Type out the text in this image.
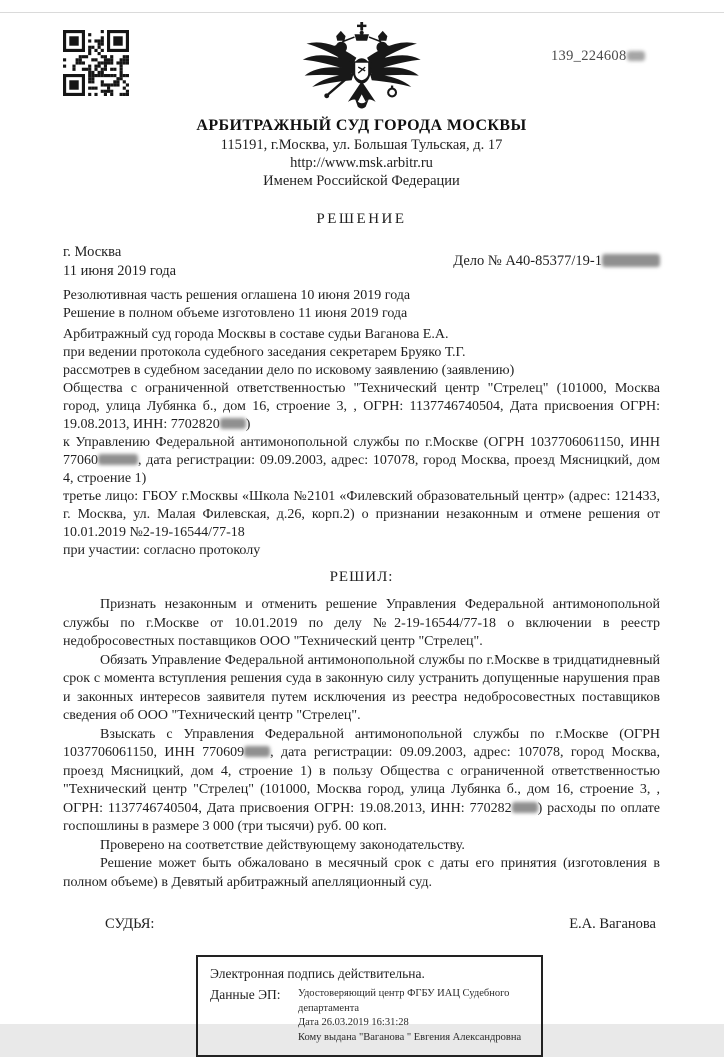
139_224608
АРБИТРАЖНЫЙ СУД ГОРОДА МОСКВЫ
115191, г.Москва, ул. Большая Тульская, д. 17
http://www.msk.arbitr.ru
Именем Российской Федерации
РЕШЕНИЕ
г. Москва
11 июня 2019 года
Дело № А40-85377/19-1
Резолютивная часть решения оглашена 10 июня 2019 года
Решение в полном объеме изготовлено 11 июня 2019 года

Арбитражный суд города Москвы в составе судьи Ваганова Е.А.

при ведении протокола судебного заседания секретарем Бруяко Т.Г.

рассмотрев в судебном заседании дело по исковому заявлению (заявлению)

Общества с ограниченной ответственностью "Технический центр "Стрелец" (101000, Москва город, улица Лубянка б., дом 16, строение 3, , ОГРН: 1137746740504, Дата присвоения ОГРН: 19.08.2013, ИНН: 7702820 )

к Управлению Федеральной антимонопольной службы по г.Москве (ОГРН 1037706061150, ИНН 77060	, дата регистрации: 09.09.2003, адрес: 107078, город Москва, проезд Мясницкий, дом 4, строение 1)

третье лицо: ГБОУ г.Москвы «Школа №2101 «Филевский образовательный центр» (адрес: 121433, г. Москва, ул. Малая Филевская, д.26, корп.2) о признании незаконным и отмене решения от 10.01.2019 №2-19-16544/77-18

при участии: согласно протоколу

РЕШИЛ:

Признать незаконным и отменить решение Управления Федеральной антимонопольной службы по г.Москве от 10.01.2019 по делу №2-19-16544/77-18 о включении в реестр недобросовестных поставщиков ООО "Технический центр "Стрелец".

Обязать Управление Федеральной антимонопольной службы по г.Москве в тридцатидневный срок с момента вступления решения суда в законную силу устранить допущенные нарушения прав и законных интересов заявителя путем исключения из реестра недобросовестных поставщиков сведения об ООО "Технический центр "Стрелец".

Взыскать с Управления Федеральной антимонопольной службы по г.Москве (ОГРН 1037706061150, ИНН 770609 , дата регистрации: 09.09.2003, адрес: 107078, город Москва, проезд Мясницкий, дом 4, строение 1) в пользу Общества с ограниченной ответственностью "Технический центр "Стрелец" (101000, Москва город, улица Лубянка б., дом 16, строение 3, , ОГРН: 1137746740504, Дата присвоения ОГРН: 19.08.2013, ИНН: 770282 ) расходы по оплате госпошлины в размере 3 000 (три тысячи) руб. 00 коп.

Проверено на соответствие действующему законодательству.

Решение может быть обжаловано в месячный срок с даты его принятия (изготовления в полном объеме) в Девятый арбитражный апелляционный суд.

СУДЬЯ:	Е.А. Ваганова
Электронная подпись действительна.
Данные ЭП:	Удостоверяющий центр ФГБУ ИАЦ Судебного департамента
Дата 26.03.2019 16:31:28
Кому выдана "Ваганова " Евгения Александровна
